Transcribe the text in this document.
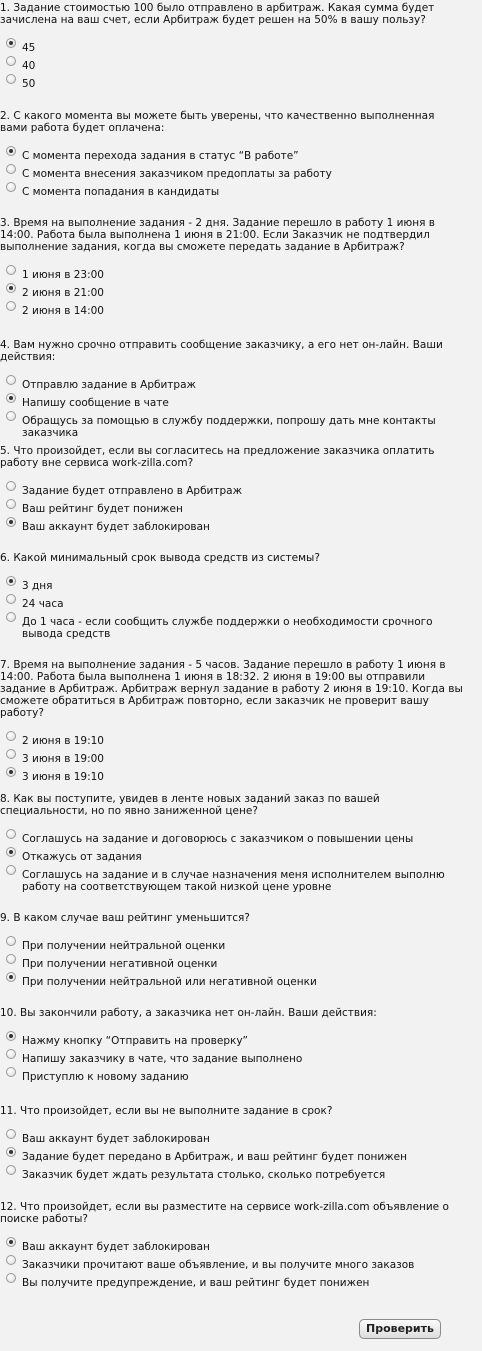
1. Задание стоимостью 100 было отправлено в арбитраж. Какая сумма будет зачислена на ваш счет, если Арбитраж будет решен на 50% в вашу пользу?
45
40
50
2. С какого момента вы можете быть уверены, что качественно выполненная вами работа будет оплачена:
С момента перехода задания в статус “В работе”
С момента внесения заказчиком предоплаты за работу
С момента попадания в кандидаты
3. Время на выполнение задания - 2 дня. Задание перешло в работу 1 июня в 14:00. Работа была выполнена 1 июня в 21:00. Если Заказчик не подтвердил выполнение задания, когда вы сможете передать задание в Арбитраж?
1 июня в 23:00
2 июня в 21:00
2 июня в 14:00
4. Вам нужно срочно отправить сообщение заказчику, а его нет он-лайн. Ваши действия:
Отправлю задание в Арбитраж
Напишу сообщение в чате
Обращусь за помощью в службу поддержки, попрошу дать мне контакты заказчика
5. Что произойдет, если вы согласитесь на предложение заказчика оплатить работу вне сервиса work-zilla.com?
Задание будет отправлено в Арбитраж
Ваш рейтинг будет понижен
Ваш аккаунт будет заблокирован
6. Какой минимальный срок вывода средств из системы?
3 дня
24 часа
До 1 часа - если сообщить службе поддержки о необходимости срочного вывода средств
7. Время на выполнение задания - 5 часов. Задание перешло в работу 1 июня в 14:00. Работа была выполнена 1 июня в 18:32. 2 июня в 19:00 вы отправили задание в Арбитраж. Арбитраж вернул задание в работу 2 июня в 19:10. Когда вы сможете обратиться в Арбитраж повторно, если заказчик не проверит вашу работу?
2 июня в 19:10
3 июня в 19:00
3 июня в 19:10
8. Как вы поступите, увидев в ленте новых заданий заказ по вашей специальности, но по явно заниженной цене?
Соглашусь на задание и договорюсь с заказчиком о повышении цены
Откажусь от задания
Соглашусь на задание и в случае назначения меня исполнителем выполню работу на соответствующем такой низкой цене уровне
9. В каком случае ваш рейтинг уменьшится?
При получении нейтральной оценки
При получении негативной оценки
При получении нейтральной или негативной оценки
10. Вы закончили работу, а заказчика нет он-лайн. Ваши действия:
Нажму кнопку “Отправить на проверку”
Напишу заказчику в чате, что задание выполнено
Приступлю к новому заданию
11. Что произойдет, если вы не выполните задание в срок?
Ваш аккаунт будет заблокирован
Задание будет передано в Арбитраж, и ваш рейтинг будет понижен
Заказчик будет ждать результата столько, сколько потребуется
12. Что произойдет, если вы разместите на сервисе work-zilla.com объявление о поиске работы?
Ваш аккаунт будет заблокирован
Заказчики прочитают ваше объявление, и вы получите много заказов
Вы получите предупреждение, и ваш рейтинг будет понижен
Проверить
